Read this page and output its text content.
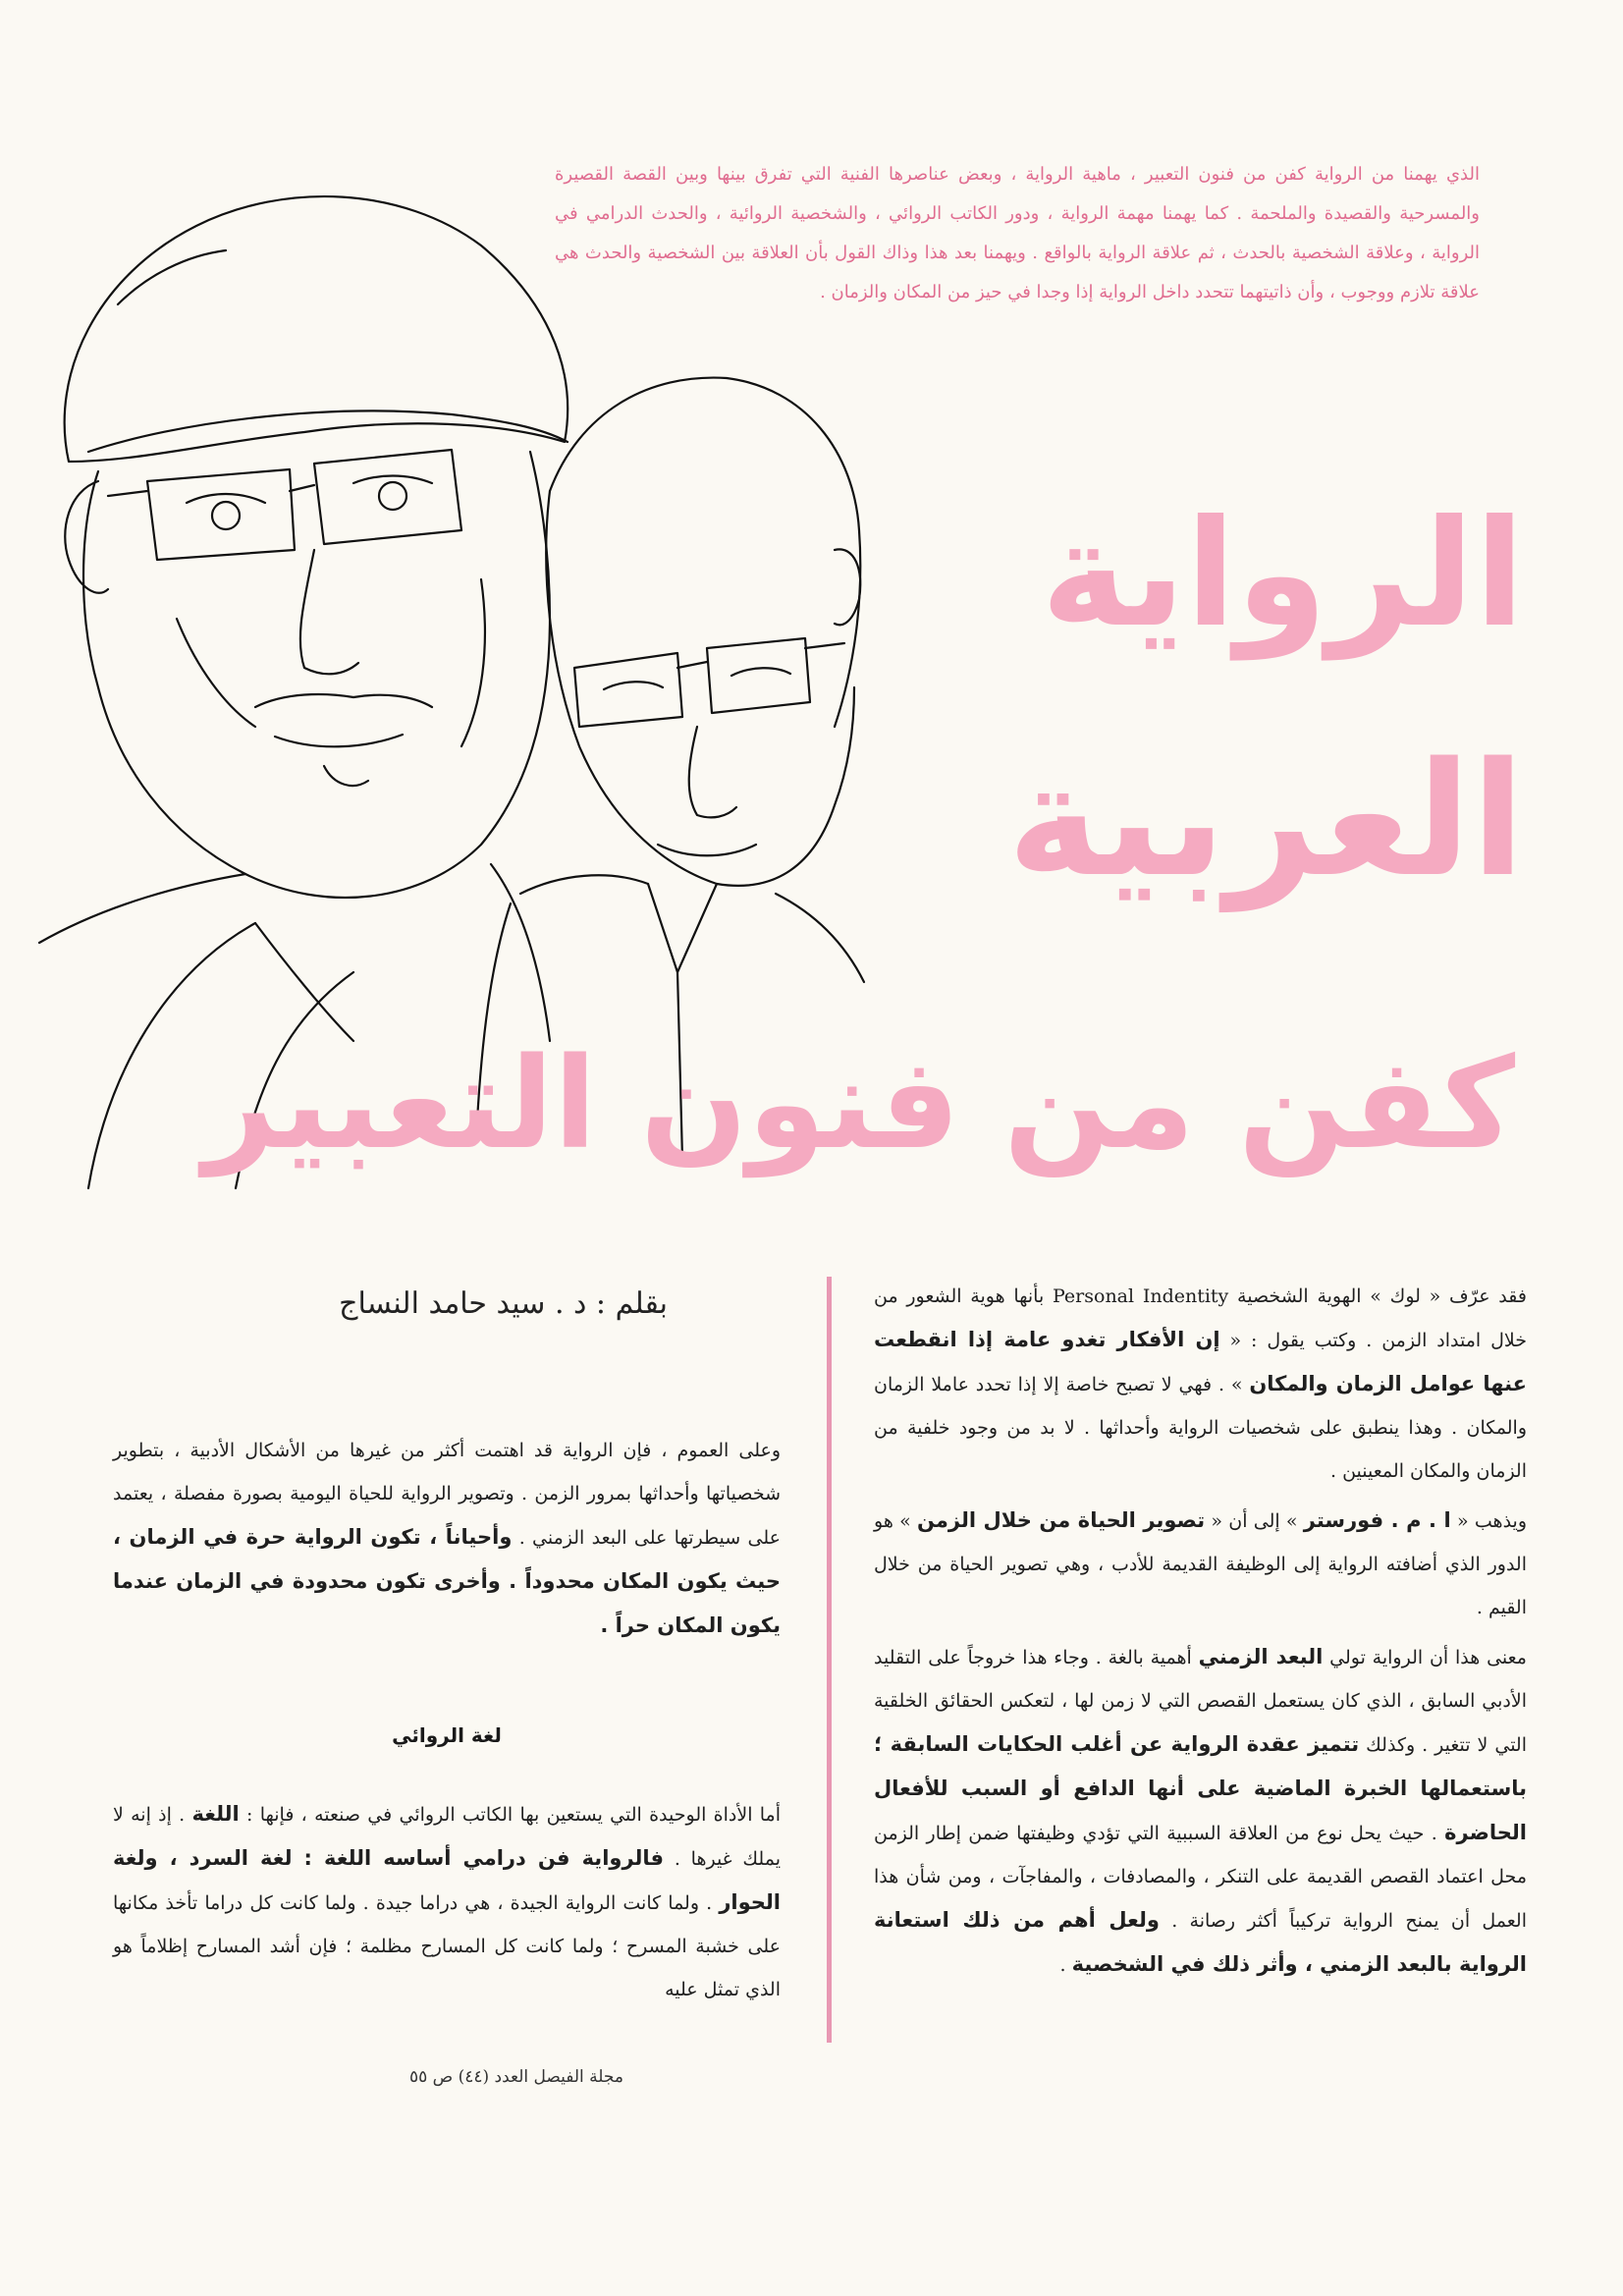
الذي يهمنا من الرواية كفن من فنون التعبير ، ماهية الرواية ، وبعض عناصرها الفنية التي تفرق بينها وبين القصة القصيرة والمسرحية والقصيدة والملحمة . كما يهمنا مهمة الرواية ، ودور الكاتب الروائي ، والشخصية الروائية ، والحدث الدرامي في الرواية ، وعلاقة الشخصية بالحدث ، ثم علاقة الرواية بالواقع . ويهمنا بعد هذا وذاك القول بأن العلاقة بين الشخصية والحدث هي علاقة تلازم ووجوب ، وأن ذاتيتهما تتحدد داخل الرواية إذا وجدا في حيز من المكان والزمان .
الرواية
العربية
كفن من فنون التعبير
بقلم : د . سيد حامد النساج	فقد عرّف « لوك » الهوية الشخصية Personal Indentity بأنها هوية الشعور من خلال امتداد الزمن . وكتب يقول : « إن الأفكار تغدو عامة إذا انقطعت عنها عوامل الزمان والمكان » . فهي لا تصبح خاصة إلا إذا تحدد عاملا الزمان والمكان . وهذا ينطبق على شخصيات الرواية وأحداثها . لا بد من وجود خلفية من الزمان والمكان المعينين .

ويذهب « ا . م . فورستر » إلى أن « تصوير الحياة من خلال الزمن » هو الدور الذي أضافته الرواية إلى الوظيفة القديمة للأدب ، وهي تصوير الحياة من خلال القيم .

معنى هذا أن الرواية تولي البعد الزمني أهمية بالغة . وجاء هذا خروجاً على التقليد الأدبي السابق ، الذي كان يستعمل القصص التي لا زمن لها ، لتعكس الحقائق الخلقية التي لا تتغير . وكذلك تتميز عقدة الرواية عن أغلب الحكايات السابقة ؛ باستعمالها الخبرة الماضية على أنها الدافع أو السبب للأفعال الحاضرة . حيث يحل نوع من العلاقة السببية التي تؤدي وظيفتها ضمن إطار الزمن محل اعتماد القصص القديمة على التنكر ، والمصادفات ، والمفاجآت ، ومن شأن هذا العمل أن يمنح الرواية تركيباً أكثر رصانة . ولعل أهم من ذلك استعانة الرواية بالبعد الزمني ، وأثر ذلك في الشخصية .

وعلى العموم ، فإن الرواية قد اهتمت أكثر من غيرها من الأشكال الأدبية ، بتطوير شخصياتها وأحداثها بمرور الزمن . وتصوير الرواية للحياة اليومية بصورة مفصلة ، يعتمد على سيطرتها على البعد الزمني . وأحياناً ، تكون الرواية حرة في الزمان ، حيث يكون المكان محدوداً . وأخرى تكون محدودة في الزمان عندما يكون المكان حراً .

لغة الروائي

أما الأداة الوحيدة التي يستعين بها الكاتب الروائي في صنعته ، فإنها : اللغة . إذ إنه لا يملك غيرها . فالرواية فن درامي أساسه اللغة : لغة السرد ، ولغة الحوار . ولما كانت الرواية الجيدة ، هي دراما جيدة . ولما كانت كل دراما تأخذ مكانها على خشبة المسرح ؛ ولما كانت كل المسارح مظلمة ؛ فإن أشد المسارح إظلاماً هو الذي تمثل عليه

مجلة الفيصل العدد (٤٤) ص ٥٥
